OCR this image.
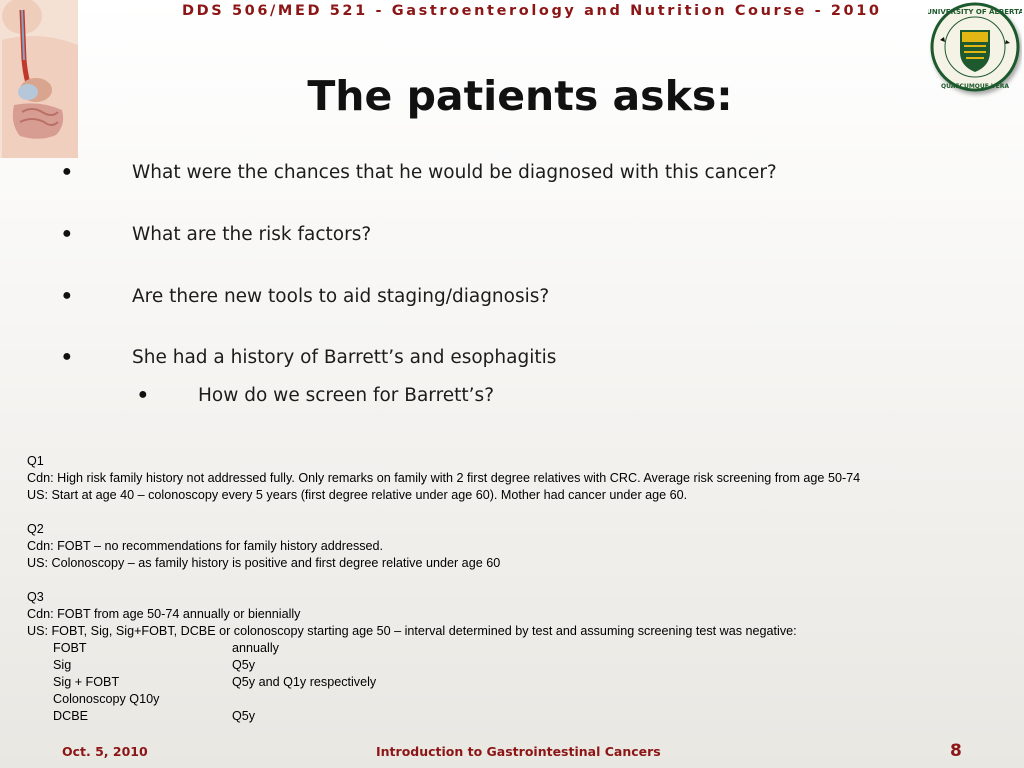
DDS 506/MED 521 - Gastroenterology and Nutrition Course - 2010
The patients asks:
UNIVERSITY OF ALBERTA
QUAECUMQUE VERA
●	What were the chances that he would be diagnosed with this cancer?
●	What are the risk factors?
●	Are there new tools to aid staging/diagnosis?
●	She had a history of Barrett’s and esophagitis
●	How do we screen for Barrett’s?
Q1
Cdn: High risk family history not addressed fully. Only remarks on family with 2 first degree relatives with CRC. Average risk screening from age 50-74
US: Start at age 40 – colonoscopy every 5 years (first degree relative under age 60). Mother had cancer under age 60.
Q2
Cdn: FOBT – no recommendations for family history addressed.
US: Colonoscopy – as family history is positive and first degree relative under age 60
Q3
Cdn: FOBT from age 50-74 annually or biennially
US: FOBT, Sig, Sig+FOBT, DCBE or colonoscopy starting age 50 – interval determined by test and assuming screening test was negative:
FOBT	annually
Sig	Q5y
Sig + FOBT	Q5y and Q1y respectively
Colonoscopy Q10y
DCBE	Q5y
Oct. 5, 2010	Introduction to Gastrointestinal Cancers	8
